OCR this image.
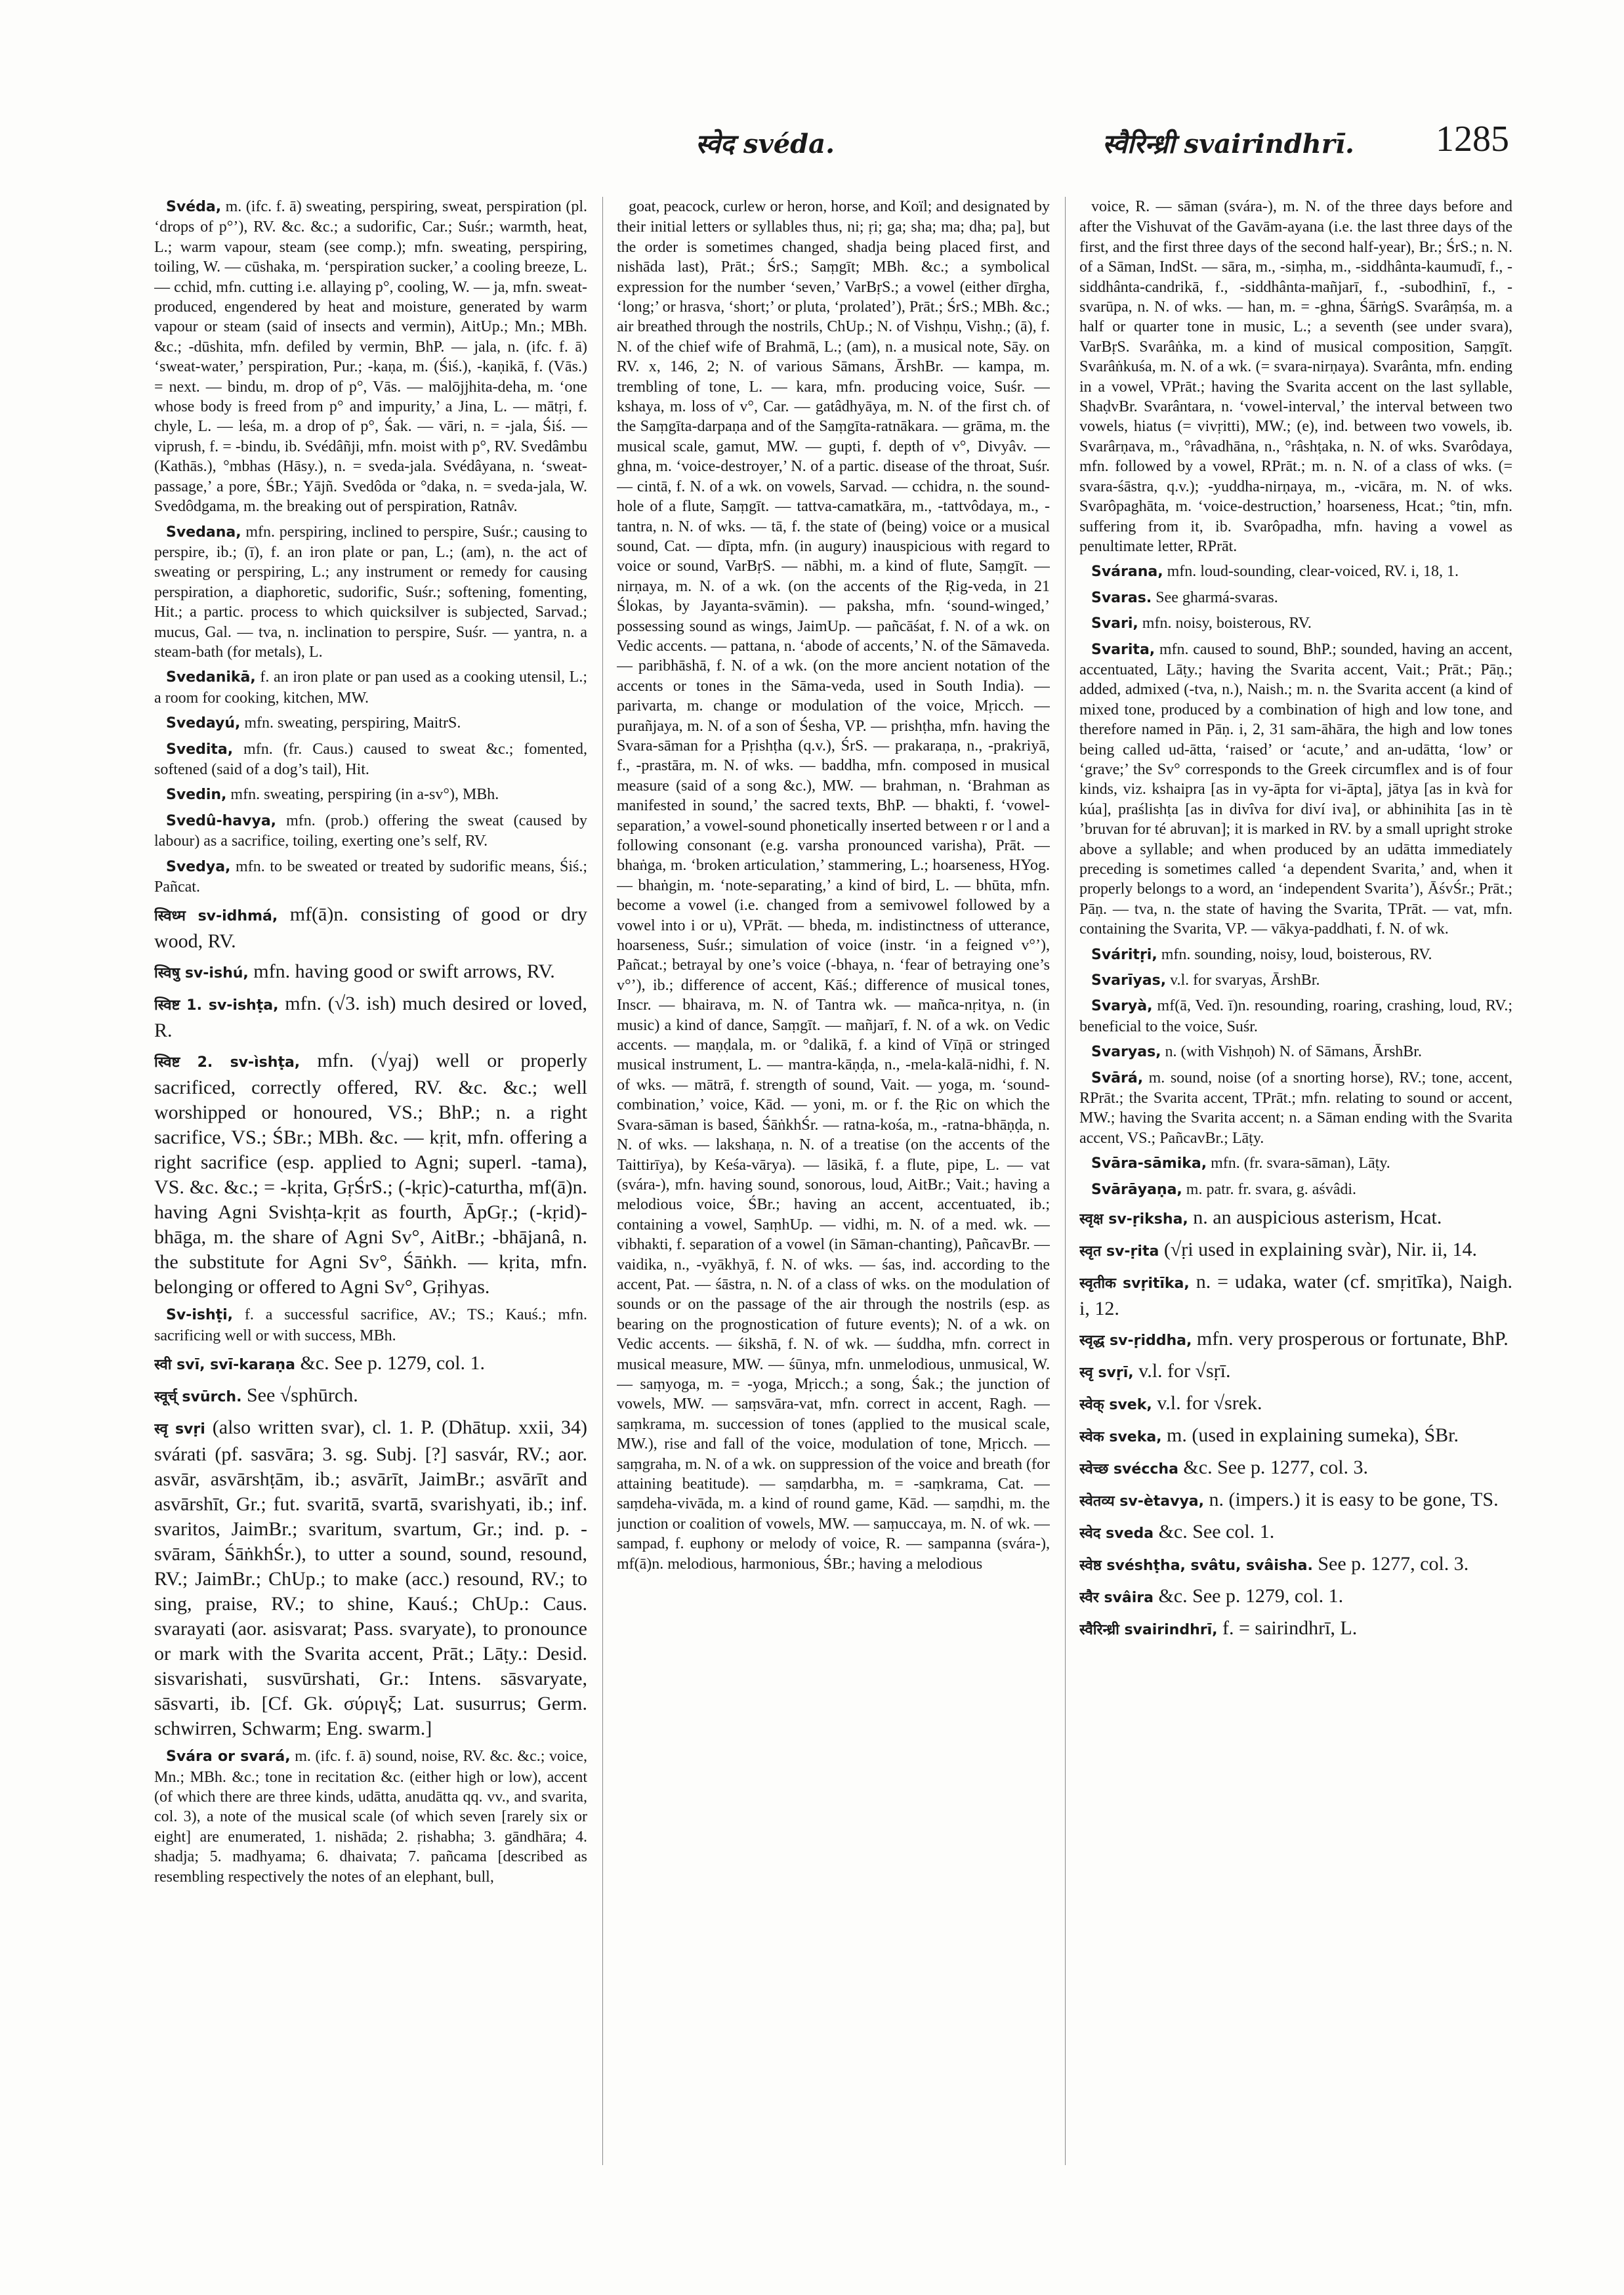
स्वेद svéda.	स्वैरिन्ध्री svairindhrī. 1285

Svéda, m. (ifc. f. ā) sweating, perspiring, sweat, perspiration (pl. ‘drops of p°’), RV. &c. &c.; a sudorific, Car.; Suśr.; warmth, heat, L.; warm vapour, steam (see comp.); mfn. sweating, perspiring, toiling, W. — cūshaka, m. ‘perspiration sucker,’ a cooling breeze, L. — cchid, mfn. cutting i.e. allaying p°, cooling, W. — ja, mfn. sweat-produced, engendered by heat and moisture, generated by warm vapour or steam (said of insects and vermin), AitUp.; Mn.; MBh. &c.; -dūshita, mfn. defiled by vermin, BhP. — jala, n. (ifc. f. ā) ‘sweat-water,’ perspiration, Pur.; -kaṇa, m. (Śiś.), -kaṇikā, f. (Vās.) = next. — bindu, m. drop of p°, Vās. — malōjjhita-deha, m. ‘one whose body is freed from p° and impurity,’ a Jina, L. — mātṛi, f. chyle, L. — leśa, m. a drop of p°, Śak. — vāri, n. = -jala, Śiś. — viprush, f. = -bindu, ib. Svédâñji, mfn. moist with p°, RV. Svedâmbu (Kathās.), °mbhas (Hāsy.), n. = sveda-jala. Svédâyana, n. ‘sweat-passage,’ a pore, ŚBr.; Yājñ. Svedôda or °daka, n. = sveda-jala, W. Svedôdgama, m. the breaking out of perspiration, Ratnâv.

Svedana, mfn. perspiring, inclined to perspire, Suśr.; causing to perspire, ib.; (ī), f. an iron plate or pan, L.; (am), n. the act of sweating or perspiring, L.; any instrument or remedy for causing perspiration, a diaphoretic, sudorific, Suśr.; softening, fomenting, Hit.; a partic. process to which quicksilver is subjected, Sarvad.; mucus, Gal. — tva, n. inclination to perspire, Suśr. — yantra, n. a steam-bath (for metals), L.

Svedanikā, f. an iron plate or pan used as a cooking utensil, L.; a room for cooking, kitchen, MW.

Svedayú, mfn. sweating, perspiring, MaitrS.

Svedita, mfn. (fr. Caus.) caused to sweat &c.; fomented, softened (said of a dog’s tail), Hit.

Svedin, mfn. sweating, perspiring (in a-sv°), MBh.

Svedû-havya, mfn. (prob.) offering the sweat (caused by labour) as a sacrifice, toiling, exerting one’s self, RV.

Svedya, mfn. to be sweated or treated by sudorific means, Śiś.; Pañcat.

स्विध्म sv-idhmá, mf(ā)n. consisting of good or dry wood, RV.

स्विषु sv-ishú, mfn. having good or swift arrows, RV.

स्विष्ट 1. sv-ishṭa, mfn. (√3. ish) much desired or loved, R.

स्विष्ट 2. sv-ìshṭa, mfn. (√yaj) well or properly sacrificed, correctly offered, RV. &c. &c.; well worshipped or honoured, VS.; BhP.; n. a right sacrifice, VS.; ŚBr.; MBh. &c. — kṛit, mfn. offering a right sacrifice (esp. applied to Agni; superl. -tama), VS. &c. &c.; = -kṛita, GṛŚrS.; (-kṛic)-caturtha, mf(ā)n. having Agni Svishṭa-kṛit as fourth, ĀpGṛ.; (-kṛid)-bhāga, m. the share of Agni Sv°, AitBr.; -bhājanâ, n. the substitute for Agni Sv°, Śāṅkh. — kṛita, mfn. belonging or offered to Agni Sv°, Gṛihyas.

Sv-ishṭi, f. a successful sacrifice, AV.; TS.; Kauś.; mfn. sacrificing well or with success, MBh.

स्वी svī, svī-karaṇa &c. See p. 1279, col. 1.

स्वूर्च् svūrch. See √sphūrch.

स्वृ svṛi (also written svar), cl. 1. P. (Dhātup. xxii, 34) svárati (pf. sasvāra; 3. sg. Subj. [?] sasvár, RV.; aor. asvār, asvārshṭām, ib.; asvārīt, JaimBr.; asvārīt and asvārshīt, Gr.; fut. svaritā, svartā, svarishyati, ib.; inf. svaritos, JaimBr.; svaritum, svartum, Gr.; ind. p. -svāram, ŚāṅkhŚr.), to utter a sound, sound, resound, RV.; JaimBr.; ChUp.; to make (acc.) resound, RV.; to sing, praise, RV.; to shine, Kauś.; ChUp.: Caus. svarayati (aor. asisvarat; Pass. svaryate), to pronounce or mark with the Svarita accent, Prāt.; Lāṭy.: Desid. sisvarishati, susvūrshati, Gr.: Intens. sāsvaryate, sāsvarti, ib. [Cf. Gk. σύριγξ; Lat. susurrus; Germ. schwirren, Schwarm; Eng. swarm.]

Svára or svará, m. (ifc. f. ā) sound, noise, RV. &c. &c.; voice, Mn.; MBh. &c.; tone in recitation &c. (either high or low), accent (of which there are three kinds, udātta, anudātta qq. vv., and svarita, col. 3), a note of the musical scale (of which seven [rarely six or eight] are enumerated, 1. nishāda; 2. ṛishabha; 3. gāndhāra; 4. shadja; 5. madhyama; 6. dhaivata; 7. pañcama [described as resembling respectively the notes of an elephant, bull,

goat, peacock, curlew or heron, horse, and Koïl; and designated by their initial letters or syllables thus, ni; ṛi; ga; sha; ma; dha; pa], but the order is sometimes changed, shadja being placed first, and nishāda last), Prāt.; ŚrS.; Saṃgīt; MBh. &c.; a symbolical expression for the number ‘seven,’ VarBṛS.; a vowel (either dīrgha, ‘long;’ or hrasva, ‘short;’ or pluta, ‘prolated’), Prāt.; ŚrS.; MBh. &c.; air breathed through the nostrils, ChUp.; N. of Vishṇu, Vishṇ.; (ā), f. N. of the chief wife of Brahmā, L.; (am), n. a musical note, Sāy. on RV. x, 146, 2; N. of various Sāmans, ĀrshBr. — kampa, m. trembling of tone, L. — kara, mfn. producing voice, Suśr. — kshaya, m. loss of v°, Car. — gatâdhyāya, m. N. of the first ch. of the Saṃgīta-darpaṇa and of the Saṃgīta-ratnākara. — grāma, m. the musical scale, gamut, MW. — gupti, f. depth of v°, Divyâv. — ghna, m. ‘voice-destroyer,’ N. of a partic. disease of the throat, Suśr. — cintā, f. N. of a wk. on vowels, Sarvad. — cchidra, n. the sound-hole of a flute, Saṃgīt. — tattva-camatkāra, m., -tattvôdaya, m., -tantra, n. N. of wks. — tā, f. the state of (being) voice or a musical sound, Cat. — dīpta, mfn. (in augury) inauspicious with regard to voice or sound, VarBṛS. — nābhi, m. a kind of flute, Saṃgīt. — nirṇaya, m. N. of a wk. (on the accents of the Ṛig-veda, in 21 Ślokas, by Jayanta-svāmin). — paksha, mfn. ‘sound-winged,’ possessing sound as wings, JaimUp. — pañcāśat, f. N. of a wk. on Vedic accents. — pattana, n. ‘abode of accents,’ N. of the Sāmaveda. — paribhāshā, f. N. of a wk. (on the more ancient notation of the accents or tones in the Sāma-veda, used in South India). — parivarta, m. change or modulation of the voice, Mṛicch. — purañjaya, m. N. of a son of Śesha, VP. — prishṭha, mfn. having the Svara-sāman for a Pṛishṭha (q.v.), ŚrS. — prakaraṇa, n., -prakriyā, f., -prastāra, m. N. of wks. — baddha, mfn. composed in musical measure (said of a song &c.), MW. — brahman, n. ‘Brahman as manifested in sound,’ the sacred texts, BhP. — bhakti, f. ‘vowel-separation,’ a vowel-sound phonetically inserted between r or l and a following consonant (e.g. varsha pronounced varisha), Prāt. — bhaṅga, m. ‘broken articulation,’ stammering, L.; hoarseness, HYog. — bhaṅgin, m. ‘note-separating,’ a kind of bird, L. — bhūta, mfn. become a vowel (i.e. changed from a semivowel followed by a vowel into i or u), VPrāt. — bheda, m. indistinctness of utterance, hoarseness, Suśr.; simulation of voice (instr. ‘in a feigned v°’), Pañcat.; betrayal by one’s voice (-bhaya, n. ‘fear of betraying one’s v°’), ib.; difference of accent, Kāś.; difference of musical tones, Inscr. — bhairava, m. N. of Tantra wk. — mañca-nṛitya, n. (in music) a kind of dance, Saṃgīt. — mañjarī, f. N. of a wk. on Vedic accents. — maṇḍala, m. or °dalikā, f. a kind of Vīṇā or stringed musical instrument, L. — mantra-kāṇḍa, n., -mela-kalā-nidhi, f. N. of wks. — mātrā, f. strength of sound, Vait. — yoga, m. ‘sound-combination,’ voice, Kād. — yoni, m. or f. the Ṛic on which the Svara-sāman is based, ŚāṅkhŚr. — ratna-kośa, m., -ratna-bhāṇḍa, n. N. of wks. — lakshaṇa, n. N. of a treatise (on the accents of the Taittirīya), by Keśa-vārya). — lāsikā, f. a flute, pipe, L. — vat (svára-), mfn. having sound, sonorous, loud, AitBr.; Vait.; having a melodious voice, ŚBr.; having an accent, accentuated, ib.; containing a vowel, SaṃhUp. — vidhi, m. N. of a med. wk. — vibhakti, f. separation of a vowel (in Sāman-chanting), PañcavBr. — vaidika, n., -vyākhyā, f. N. of wks. — śas, ind. according to the accent, Pat. — śāstra, n. N. of a class of wks. on the modulation of sounds or on the passage of the air through the nostrils (esp. as bearing on the prognostication of future events); N. of a wk. on Vedic accents. — śikshā, f. N. of wk. — śuddha, mfn. correct in musical measure, MW. — śūnya, mfn. unmelodious, unmusical, W. — saṃyoga, m. = -yoga, Mṛicch.; a song, Śak.; the junction of vowels, MW. — saṃsvāra-vat, mfn. correct in accent, Ragh. — saṃkrama, m. succession of tones (applied to the musical scale, MW.), rise and fall of the voice, modulation of tone, Mṛicch. — saṃgraha, m. N. of a wk. on suppression of the voice and breath (for attaining beatitude). — saṃdarbha, m. = -saṃkrama, Cat. — saṃdeha-vivāda, m. a kind of round game, Kād. — saṃdhi, m. the junction or coalition of vowels, MW. — saṃuccaya, m. N. of wk. — sampad, f. euphony or melody of voice, R. — sampanna (svára-), mf(ā)n. melodious, harmonious, ŚBr.; having a melodious

voice, R. — sāman (svára-), m. N. of the three days before and after the Vishuvat of the Gavām-ayana (i.e. the last three days of the first, and the first three days of the second half-year), Br.; ŚrS.; n. N. of a Sāman, IndSt. — sāra, m., -siṃha, m., -siddhânta-kaumudī, f., -siddhânta-candrikā, f., -siddhânta-mañjarī, f., -subodhinī, f., -svarūpa, n. N. of wks. — han, m. = -ghna, ŚārṅgS. Svarâṃśa, m. a half or quarter tone in music, L.; a seventh (see under svara), VarBṛS. Svarâṅka, m. a kind of musical composition, Saṃgīt. Svarâṅkuśa, m. N. of a wk. (= svara-nirṇaya). Svarânta, mfn. ending in a vowel, VPrāt.; having the Svarita accent on the last syllable, ShaḍvBr. Svarântara, n. ‘vowel-interval,’ the interval between two vowels, hiatus (= vivṛitti), MW.; (e), ind. between two vowels, ib. Svarârṇava, m., °râvadhāna, n., °râshṭaka, n. N. of wks. Svarôdaya, mfn. followed by a vowel, RPrāt.; m. n. N. of a class of wks. (= svara-śāstra, q.v.); -yuddha-nirṇaya, m., -vicāra, m. N. of wks. Svarôpaghāta, m. ‘voice-destruction,’ hoarseness, Hcat.; °tin, mfn. suffering from it, ib. Svarôpadha, mfn. having a vowel as penultimate letter, RPrāt.

Svárana, mfn. loud-sounding, clear-voiced, RV. i, 18, 1.

Svaras. See gharmá-svaras.

Svari, mfn. noisy, boisterous, RV.

Svarita, mfn. caused to sound, BhP.; sounded, having an accent, accentuated, Lāṭy.; having the Svarita accent, Vait.; Prāt.; Pāṇ.; added, admixed (-tva, n.), Naish.; m. n. the Svarita accent (a kind of mixed tone, produced by a combination of high and low tone, and therefore named in Pāṇ. i, 2, 31 sam-āhāra, the high and low tones being called ud-ātta, ‘raised’ or ‘acute,’ and an-udātta, ‘low’ or ‘grave;’ the Sv° corresponds to the Greek circumflex and is of four kinds, viz. kshaipra [as in vy-āpta for vi-āpta], jātya [as in kvà for kúa], praślishṭa [as in divîva for diví iva], or abhinihita [as in tè ’bruvan for té abruvan]; it is marked in RV. by a small upright stroke above a syllable; and when produced by an udātta immediately preceding is sometimes called ‘a dependent Svarita,’ and, when it properly belongs to a word, an ‘independent Svarita’), ĀśvŚr.; Prāt.; Pāṇ. — tva, n. the state of having the Svarita, TPrāt. — vat, mfn. containing the Svarita, VP. — vākya-paddhati, f. N. of wk.

Sváritṛi, mfn. sounding, noisy, loud, boisterous, RV.

Svarīyas, v.l. for svaryas, ĀrshBr.

Svaryà, mf(ā, Ved. ī)n. resounding, roaring, crashing, loud, RV.; beneficial to the voice, Suśr.

Svaryas, n. (with Vishṇoh) N. of Sāmans, ĀrshBr.

Svārá, m. sound, noise (of a snorting horse), RV.; tone, accent, RPrāt.; the Svarita accent, TPrāt.; mfn. relating to sound or accent, MW.; having the Svarita accent; n. a Sāman ending with the Svarita accent, VS.; PañcavBr.; Lāṭy.

Svāra-sāmika, mfn. (fr. svara-sāman), Lāṭy.

Svārāyaṇa, m. patr. fr. svara, g. aśvâdi.

स्वृक्ष sv-ṛiksha, n. an auspicious asterism, Hcat.

स्वृत sv-ṛita (√ṛi used in explaining svàr), Nir. ii, 14.

स्वृतीक svṛitīka, n. = udaka, water (cf. smṛitīka), Naigh. i, 12.

स्वृद्ध sv-ṛiddha, mfn. very prosperous or fortunate, BhP.

स्वृ svṛī, v.l. for √sṛī.

स्वेक् svek, v.l. for √srek.

स्वेक sveka, m. (used in explaining sumeka), ŚBr.

स्वेच्छ svéccha &c. See p. 1277, col. 3.

स्वेतव्य sv-ètavya, n. (impers.) it is easy to be gone, TS.

स्वेद sveda &c. See col. 1.

स्वेष्ठ svéshṭha, svâtu, svâisha. See p. 1277, col. 3.

स्वैर svâira &c. See p. 1279, col. 1.

स्वैरिन्ध्री svairindhrī, f. = sairindhrī, L.
